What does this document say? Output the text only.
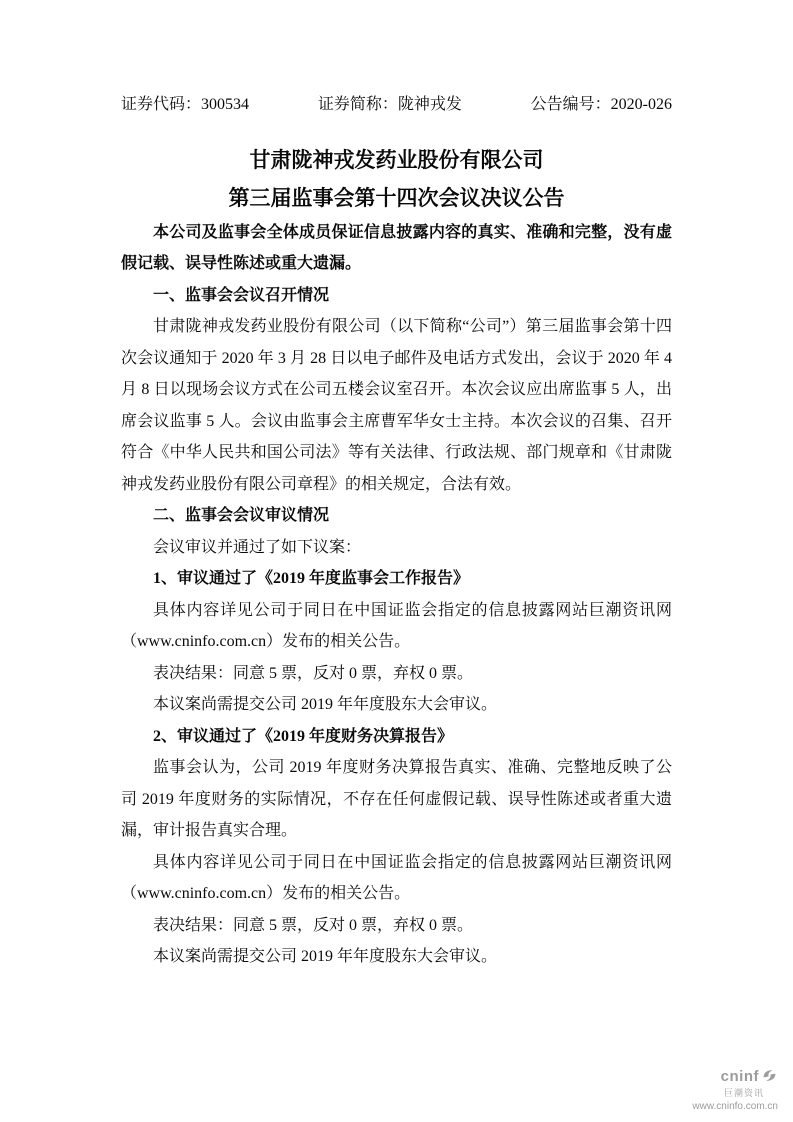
证券代码：300534	证券简称：陇神戎发	公告编号：2020-026
甘肃陇神戎发药业股份有限公司
第三届监事会第十四次会议决议公告

本公司及监事会全体成员保证信息披露内容的真实、准确和完整，没有虚假记载、误导性陈述或重大遗漏。

一、监事会会议召开情况

甘肃陇神戎发药业股份有限公司（以下简称“公司”）第三届监事会第十四次会议通知于 2020 年 3 月 28 日以电子邮件及电话方式发出，会议于 2020 年 4 月 8 日以现场会议方式在公司五楼会议室召开。本次会议应出席监事 5 人，出席会议监事 5 人。会议由监事会主席曹军华女士主持。本次会议的召集、召开符合《中华人民共和国公司法》等有关法律、行政法规、部门规章和《甘肃陇神戎发药业股份有限公司章程》的相关规定，合法有效。

二、监事会会议审议情况

会议审议并通过了如下议案：

1、审议通过了《2019 年度监事会工作报告》

具体内容详见公司于同日在中国证监会指定的信息披露网站巨潮资讯网（www.cninfo.com.cn）发布的相关公告。

表决结果：同意 5 票，反对 0 票，弃权 0 票。

本议案尚需提交公司 2019 年年度股东大会审议。

2、审议通过了《2019 年度财务决算报告》

监事会认为，公司 2019 年度财务决算报告真实、准确、完整地反映了公司 2019 年度财务的实际情况，不存在任何虚假记载、误导性陈述或者重大遗漏，审计报告真实合理。

具体内容详见公司于同日在中国证监会指定的信息披露网站巨潮资讯网（www.cninfo.com.cn）发布的相关公告。

表决结果：同意 5 票，反对 0 票，弃权 0 票。

本议案尚需提交公司 2019 年年度股东大会审议。

cninf
巨潮资讯
www.cninfo.com.cn
